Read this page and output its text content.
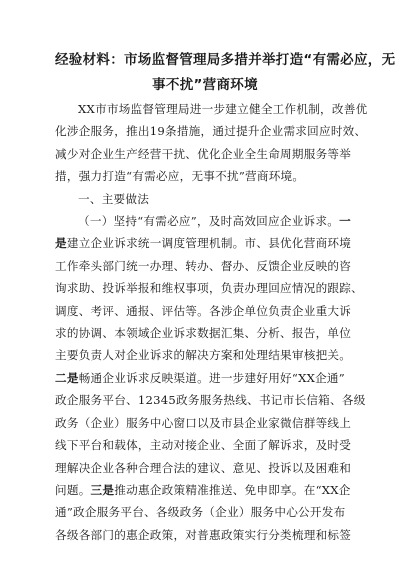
经验材料：市场监督管理局多措并举打造“有需必应，无
事不扰”营商环境
XX市市场监督管理局进一步建立健全工作机制，改善优
化涉企服务，推出19条措施，通过提升企业需求回应时效、
减少对企业生产经营干扰、优化企业全生命周期服务等举
措，强力打造“有需必应，无事不扰”营商环境。
一、主要做法
（一）坚持“有需必应”，及时高效回应企业诉求。一
是建立企业诉求统一调度管理机制。市、县优化营商环境
工作牵头部门统一办理、转办、督办、反馈企业反映的咨
询求助、投诉举报和维权事项，负责办理回应情况的跟踪、
调度、考评、通报、评估等。各涉企单位负责企业重大诉
求的协调、本领域企业诉求数据汇集、分析、报告，单位
主要负责人对企业诉求的解决方案和处理结果审核把关。
二是畅通企业诉求反映渠道。进一步建好用好“XX企通”
政企服务平台、12345政务服务热线、书记市长信箱、各级
政务（企业）服务中心窗口以及市县企业家微信群等线上
线下平台和载体，主动对接企业、全面了解诉求，及时受
理解决企业各种合理合法的建议、意见、投诉以及困难和
问题。三是推动惠企政策精准推送、免申即享。在“XX企
通”政企服务平台、各级政务（企业）服务中心公开发布
各级各部门的惠企政策，对普惠政策实行分类梳理和标签
